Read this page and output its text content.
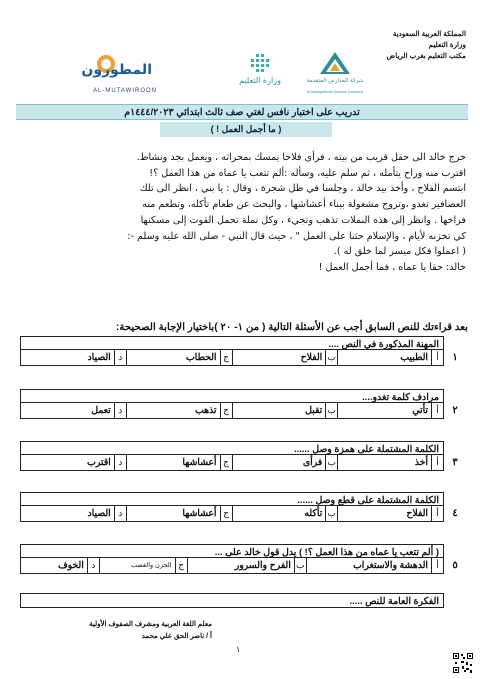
المملكة العربية السعودية
وزارة التعليم
مكتب التعليم بغرب الرياض
المطورون
AL-MUTAWIROON
وزارة التعليم	شركة المدارس المتقدمة
Al-Mutaqadimah Schools Company
تدريب على اختبار نافس لغتي صف ثالث ابتدائي ١٤٤٤/٢٠٢٣م
( ما أجمل العمل ! )

خرج خالد الى حقل قريب من بيته ، فرأى فلاحا يمسك بمحراثه ، ويعمل بجد ونشاط.

اقترب منه وراح يتأمله ، ثم سلم عليه، وسأله :ألم تتعب يا عماه من هذا العمل ؟!

ابتسم الفلاح ، وأخذ بيد خالد ، وجلسا في ظل شجرة ، وقال : يا بني ، انظر الى تلك

العصافير تغدو ،وتروح مشغولة ببناء أعشاشها ، والبحث عن طعام تأكله، وتطعم منه

فراخها . وانظر إلى هذه النملات تذهب وتجيء ، وكل نملة تحمل القوت إلى مسكنها

كي تخزنه لأيام ، والإسلام حثنا على العمل " ، حيث قال النبي - صلى الله عليه وسلم -:

( اعملوا فكل ميسر لما خلق له ).

خالد: حقا يا عماه ، فما أجمل العمل !

بعد قراءتك للنص السابق أجب عن الأسئلة التالية ( من ١- ٢٠ )باختيار الإجابة الصحيحة:
المهنة المذكورة في النص ....
١
أ
الطبيب
ب
الفلاح
ج
الحطاب
د
الصياد
مرادف كلمة تغدو....
٢
أ
تأتي
ب
تقبل
ج
تذهب
د
تعمل
الكلمة المشتملة على همزة وصل ......
٣
أ
أخذ
ب
فرأى
ج
أعشاشها
د
اقترب
الكلمة المشتملة على قطع وصل ......
٤
أ
الفلاح
ب
تأكله
ج
أعشاشها
د
الصياد
( ألم تتعب يا عماه من هذا العمل ؟! ) يدل قول خالد على ...
٥
أ
الدهشة والاستغراب
ب
الفرح والسرور
ج
الحزن والغضب
د
الخوف
الفكرة العامة للنص .....
معلم اللغة العربية ومشرف الصفوف الأولية
أ / ناصر الحق علي محمد
١
